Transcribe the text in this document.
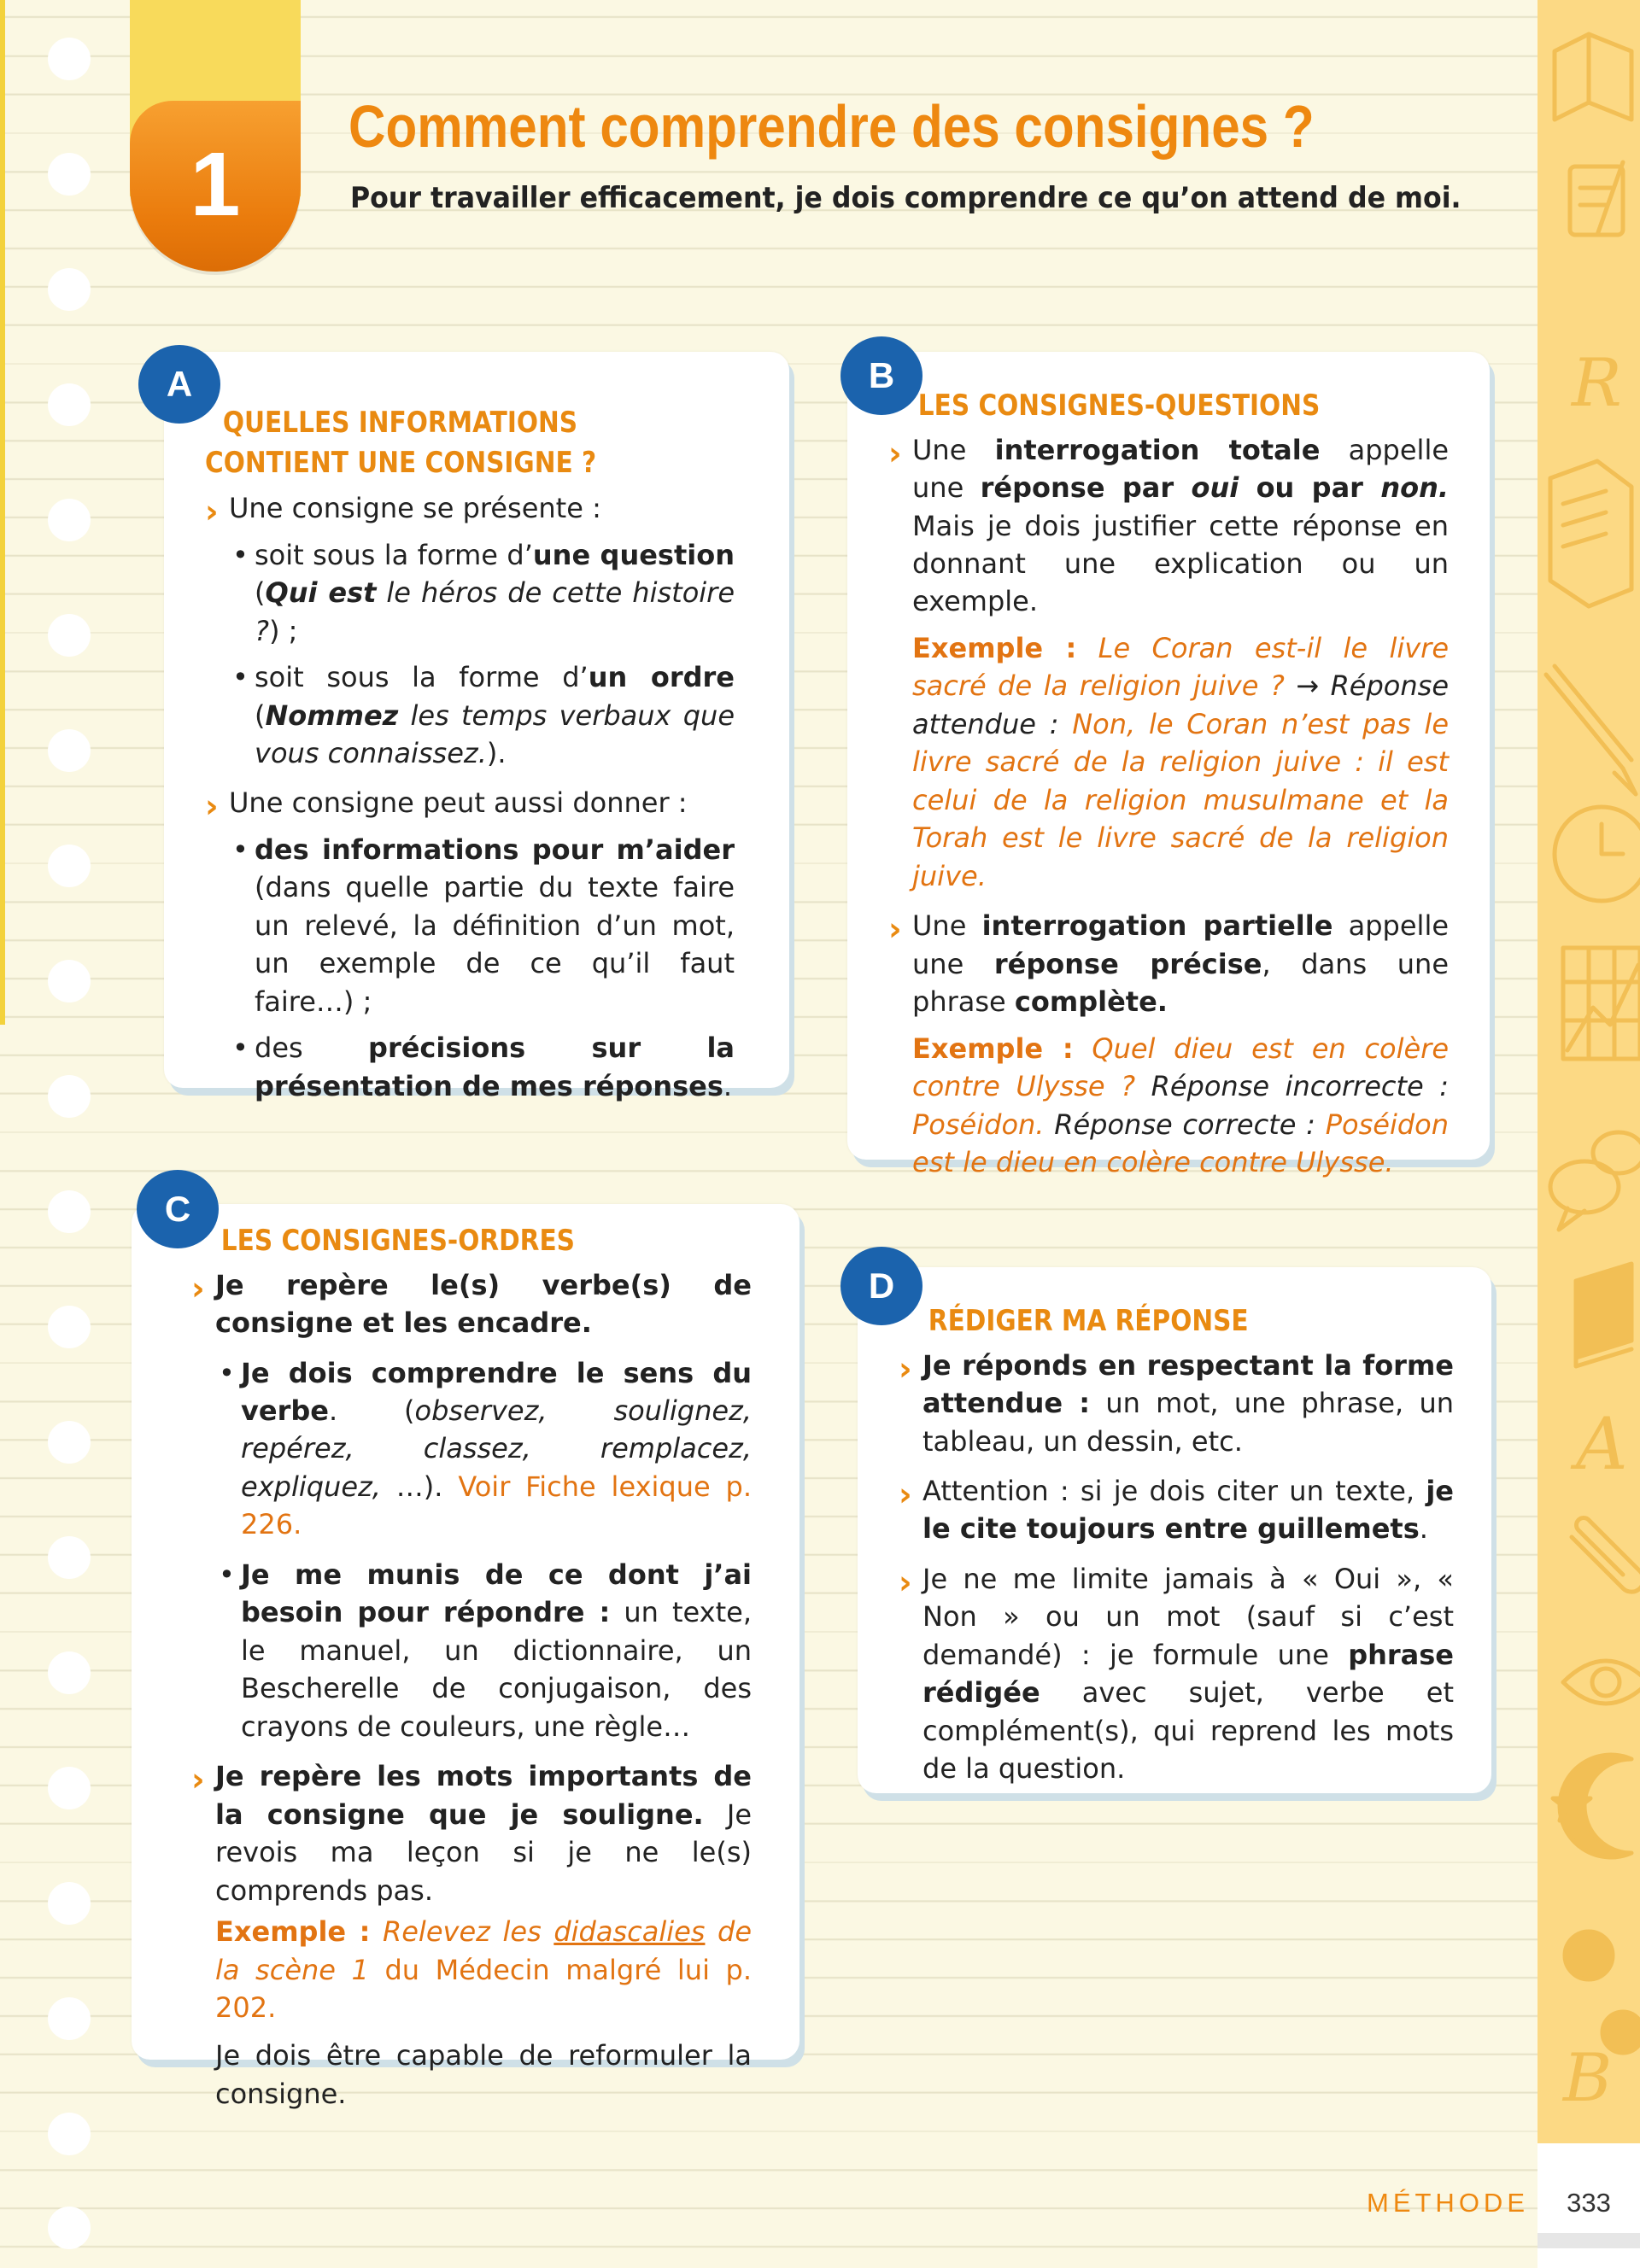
R
A
B
1
Comment comprendre des consignes ?

Pour travailler efficacement, je dois comprendre ce qu’on attend de moi.

QUELLES INFORMATIONS
CONTIENT UNE CONSIGNE ?

› Une consigne se présente :

• soit sous la forme d’une question (Qui est le héros de cette histoire ?) ;

• soit sous la forme d’un ordre (Nommez les temps verbaux que vous connaissez.).

› Une consigne peut aussi donner :

• des informations pour m’aider (dans quelle partie du texte faire un relevé, la définition d’un mot, un exemple de ce qu’il faut faire…) ;

• des précisions sur la présentation de mes réponses.

A
LES CONSIGNES-QUESTIONS

› Une interrogation totale appelle une réponse par oui ou par non. Mais je dois justifier cette réponse en donnant une explication ou un exemple.

Exemple : Le Coran est-il le livre sacré de la religion juive ? → Réponse attendue : Non, le Coran n’est pas le livre sacré de la religion juive : il est celui de la religion musulmane et la Torah est le livre sacré de la religion juive.

› Une interrogation partielle appelle une réponse précise, dans une phrase complète.

Exemple : Quel dieu est en colère contre Ulysse ? Réponse incorrecte : Poséidon. Réponse correcte : Poséidon est le dieu en colère contre Ulysse.

B
LES CONSIGNES-ORDRES

› Je repère le(s) verbe(s) de consigne et les encadre.

• Je dois comprendre le sens du verbe. (observez, soulignez, repérez, classez, remplacez, expliquez, …). Voir Fiche lexique p. 226.

• Je me munis de ce dont j’ai besoin pour répondre : un texte, le manuel, un dictionnaire, un Bescherelle de conjugaison, des crayons de couleurs, une règle…

› Je repère les mots importants de la consigne que je souligne. Je revois ma leçon si je ne le(s) comprends pas.

Exemple : Relevez les didascalies de la scène 1 du Médecin malgré lui p. 202.

Je dois être capable de reformuler la consigne.

C
RÉDIGER MA RÉPONSE

› Je réponds en respectant la forme attendue : un mot, une phrase, un tableau, un dessin, etc.

› Attention : si je dois citer un texte, je le cite toujours entre guillemets.

› Je ne me limite jamais à « Oui », « Non » ou un mot (sauf si c’est demandé) : je formule une phrase rédigée avec sujet, verbe et complément(s), qui reprend les mots de la question.

D
MÉTHODE	333
